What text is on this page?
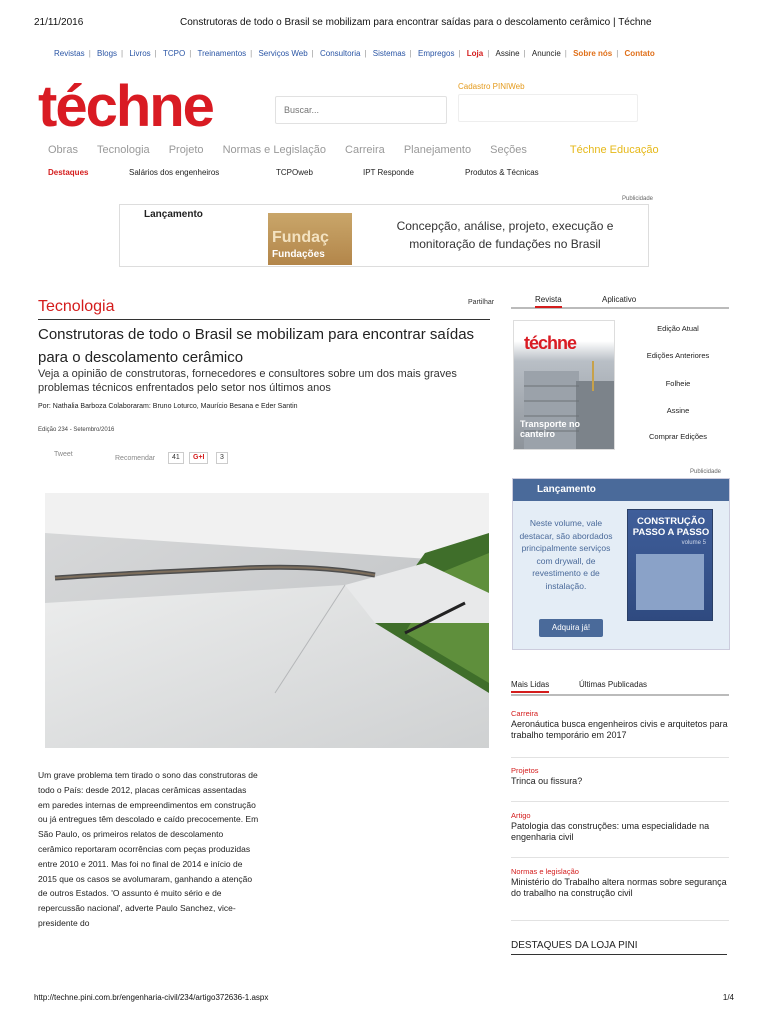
21/11/2016	Construtoras de todo o Brasil se mobilizam para encontrar saídas para o descolamento cerâmico | Téchne
Revistas | Blogs | Livros | TCPO | Treinamentos | Serviços Web | Consultoria | Sistemas | Empregos | Loja | Assine | Anuncie | Sobre nós | Contato
téchne
Buscar...	Cadastro PINIWeb
Obras Tecnologia Projeto Normas e Legislação Carreira Planejamento Seções	Téchne Educação
Destaques	Salários dos engenheiros	TCPOweb	IPT Responde	Produtos & Técnicas
Publicidade
Lançamento
Fundaç
Fundações
Concepção, análise, projeto, execução e monitoração de fundações no Brasil
Tecnologia	Partilhar
Construtoras de todo o Brasil se mobilizam para encontrar saídas para o descolamento cerâmico
Veja a opinião de construtoras, fornecedores e consultores sobre um dos mais graves problemas técnicos enfrentados pelo setor nos últimos anos
Por: Nathalia Barboza Colaboraram: Bruno Loturco, Maurício Besana e Eder Santin
Edição 234 - Setembro/2016
Tweet
Recomendar	41	G+I	3
Um grave problema tem tirado o sono das construtoras de todo o País: desde 2012, placas cerâmicas assentadas em paredes internas de empreendimentos em construção ou já entregues têm descolado e caído precocemente. Em São Paulo, os primeiros relatos de descolamento cerâmico reportaram ocorrências com peças produzidas entre 2010 e 2011. Mas foi no final de 2014 e início de 2015 que os casos se avolumaram, ganhando a atenção de outros Estados. 'O assunto é muito sério e de repercussão nacional', adverte Paulo Sanchez, vice-presidente do
Revista	Aplicativo
téchne
Transporte no canteiro
Edição Atual
Edições Anteriores
Folheie
Assine
Comprar Edições
Publicidade
Lançamento
Neste volume, vale destacar, são abordados principalmente serviços com drywall, de revestimento e de instalação.
CONSTRUÇÃO PASSO A PASSO
volume 5
Adquira já!
Mais Lidas	Últimas Publicadas
Carreira
Aeronáutica busca engenheiros civis e arquitetos para trabalho temporário em 2017
Projetos
Trinca ou fissura?
Artigo
Patologia das construções: uma especialidade na engenharia civil
Normas e legislação
Ministério do Trabalho altera normas sobre segurança do trabalho na construção civil
DESTAQUES DA LOJA PINI
http://techne.pini.com.br/engenharia-civil/234/artigo372636-1.aspx	1/4
